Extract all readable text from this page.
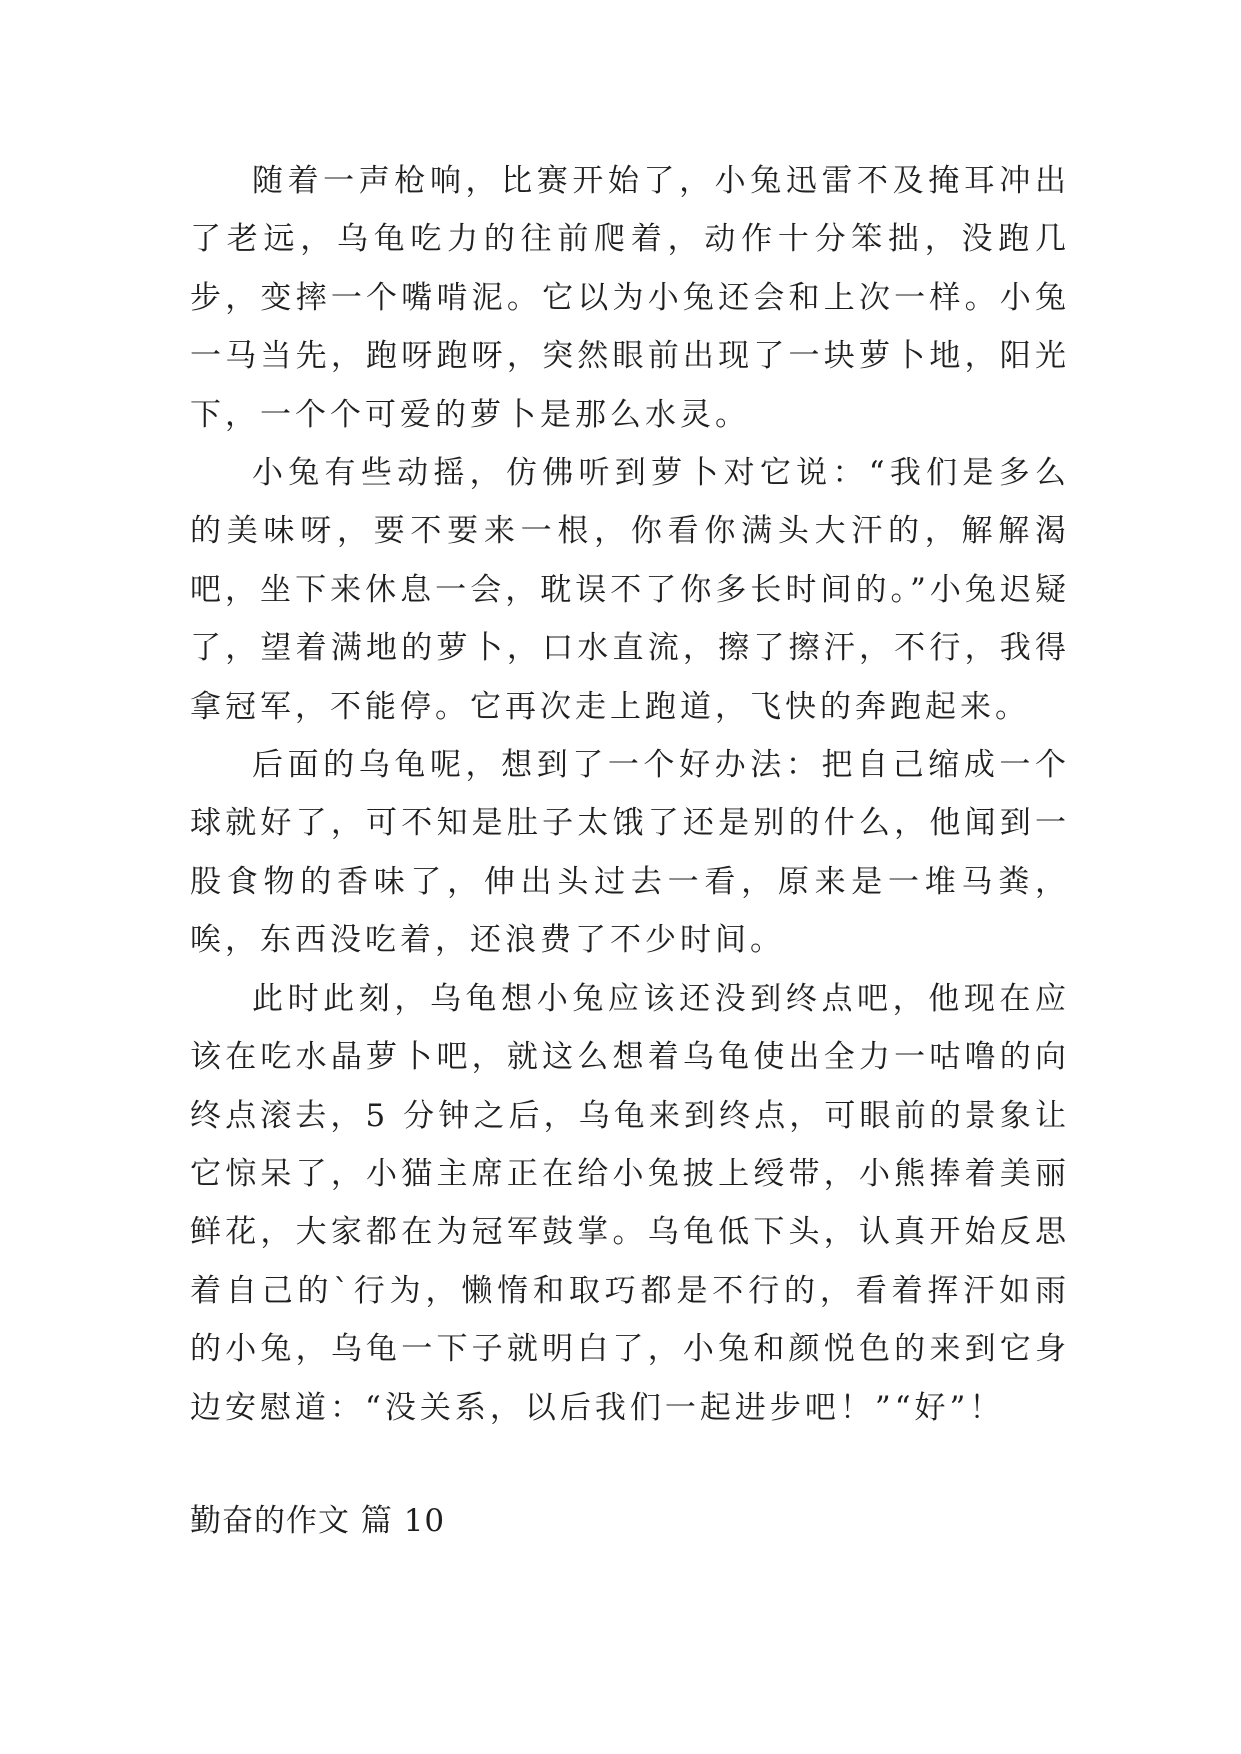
随着一声枪响，比赛开始了，小兔迅雷不及掩耳冲出了老远，乌龟吃力的往前爬着，动作十分笨拙，没跑几步，变摔一个嘴啃泥。它以为小兔还会和上次一样。小兔一马当先，跑呀跑呀，突然眼前出现了一块萝卜地，阳光下，一个个可爱的萝卜是那么水灵。

小兔有些动摇，仿佛听到萝卜对它说：“我们是多么的美味呀，要不要来一根，你看你满头大汗的，解解渴吧，坐下来休息一会，耽误不了你多长时间的。”小兔迟疑了，望着满地的萝卜，口水直流，擦了擦汗，不行，我得拿冠军，不能停。它再次走上跑道，飞快的奔跑起来。

后面的乌龟呢，想到了一个好办法：把自己缩成一个球就好了，可不知是肚子太饿了还是别的什么，他闻到一股食物的香味了，伸出头过去一看，原来是一堆马粪，唉，东西没吃着，还浪费了不少时间。

此时此刻，乌龟想小兔应该还没到终点吧，他现在应该在吃水晶萝卜吧，就这么想着乌龟使出全力一咕噜的向终点滚去，5 分钟之后，乌龟来到终点，可眼前的景象让它惊呆了，小猫主席正在给小兔披上绶带，小熊捧着美丽鲜花，大家都在为冠军鼓掌。乌龟低下头，认真开始反思着自己的`行为，懒惰和取巧都是不行的，看着挥汗如雨的小兔，乌龟一下子就明白了，小兔和颜悦色的来到它身边安慰道：“没关系，以后我们一起进步吧！”“好”！

勤奋的作文 篇 10
